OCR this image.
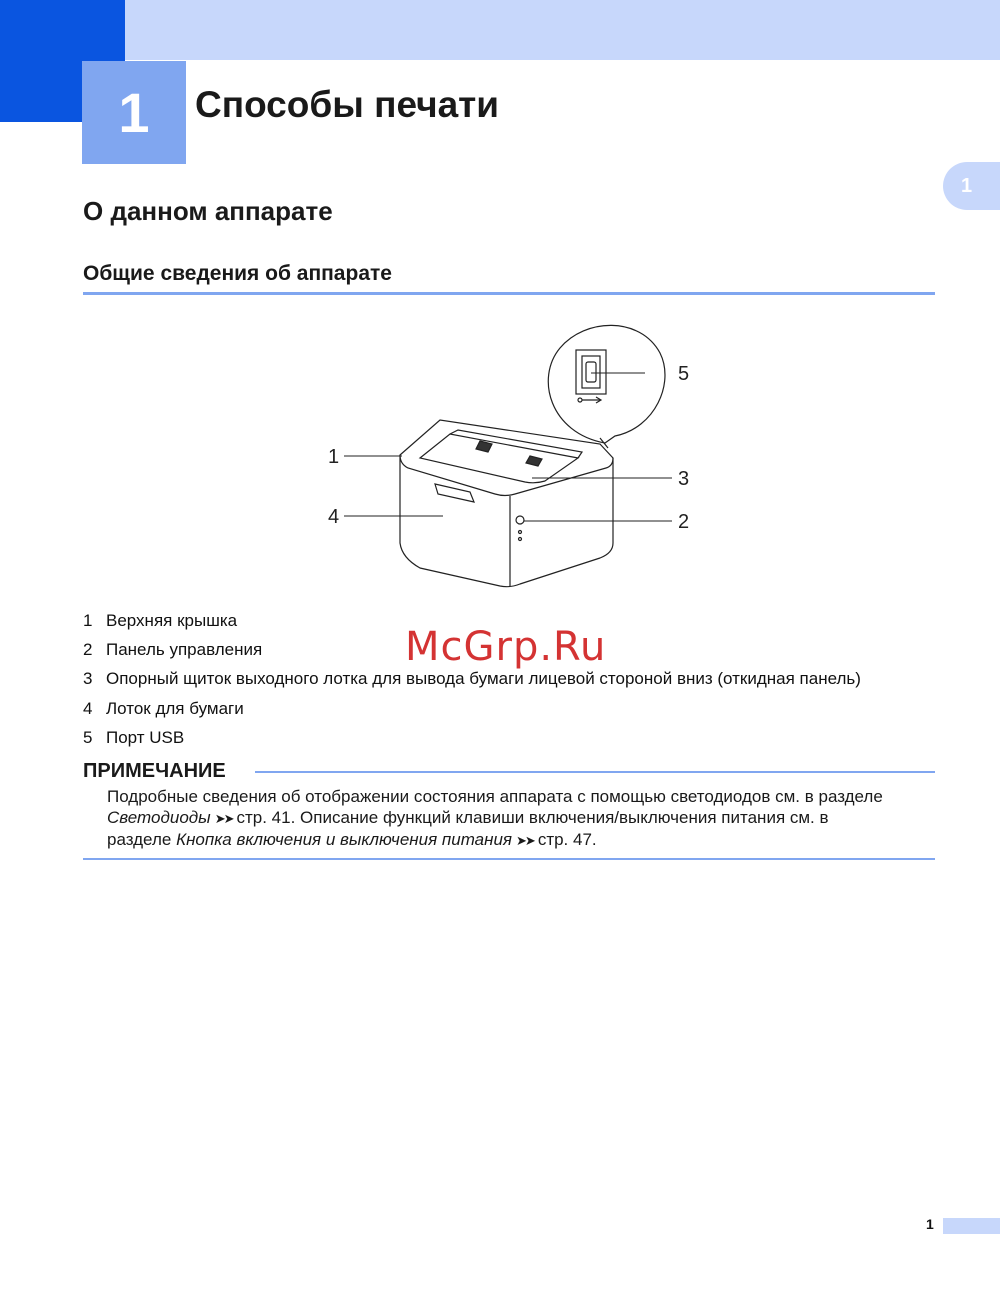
1	Способы печати
1
О данном аппарате
Общие сведения об аппарате
1
2
3
4
5
1 Верхняя крышка
2 Панель управления
3 Опорный щиток выходного лотка для вывода бумаги лицевой стороной вниз (откидная панель)
4 Лоток для бумаги
5 Порт USB
ПРИМЕЧАНИЕ
Подробные сведения об отображении состояния аппарата с помощью светодиодов см. в разделе
Светодиоды ➤➤ стр. 41. Описание функций клавиши включения/выключения питания см. в
разделе Кнопка включения и выключения питания ➤➤ стр. 47.
McGrp.Ru
1
